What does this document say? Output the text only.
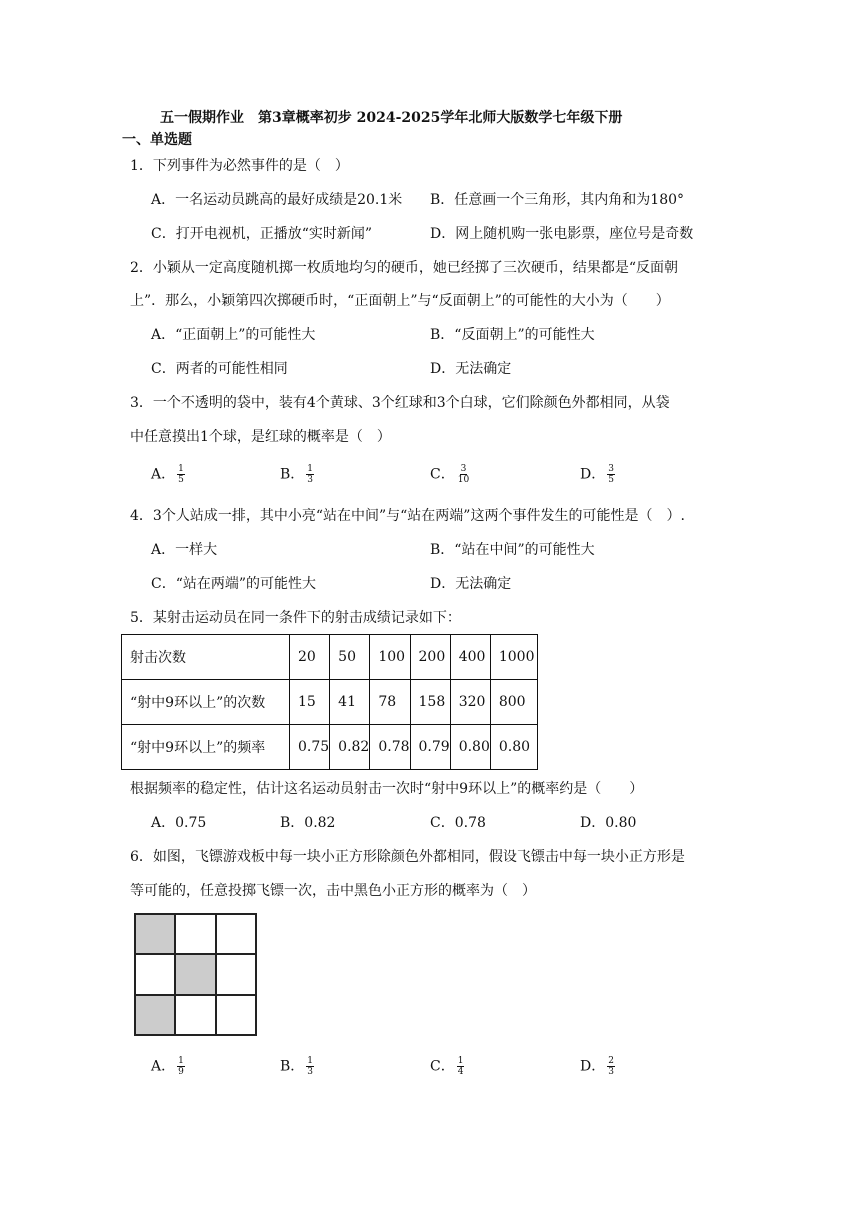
五一假期作业　第3章概率初步 2024-2025学年北师大版数学七年级下册
一、单选题
1．下列事件为必然事件的是（　）
A．一名运动员跳高的最好成绩是20.1米 B．任意画一个三角形，其内角和为180°
C．打开电视机，正播放“实时新闻”	D．网上随机购一张电影票，座位号是奇数
2．小颖从一定高度随机掷一枚质地均匀的硬币，她已经掷了三次硬币，结果都是“反面朝
上”．那么，小颖第四次掷硬币时，“正面朝上”与“反面朝上”的可能性的大小为（　　）
A．“正面朝上”的可能性大	B．“反面朝上”的可能性大
C．两者的可能性相同	D．无法确定
3．一个不透明的袋中，装有4个黄球、3个红球和3个白球，它们除颜色外都相同，从袋
中任意摸出1个球，是红球的概率是（　）
A． $\frac{1}{5}$	B． $\frac{1}{3}$	C． $\frac{3}{10}$	D． $\frac{3}{5}$
4．3个人站成一排，其中小亮“站在中间”与“站在两端”这两个事件发生的可能性是（　）.
A．一样大	B．“站在中间”的可能性大
C．“站在两端”的可能性大	D．无法确定
5．某射击运动员在同一条件下的射击成绩记录如下：
射击次数	20	50	100	200	400	1000
“射中9环以上”的次数	15	41	78	158	320	800
“射中9环以上”的频率	0.75	0.82	0.78	0.79	0.80	0.80
根据频率的稳定性，估计这名运动员射击一次时“射中9环以上”的概率约是（　　）
A．0.75	B．0.82	C．0.78	D．0.80
6．如图，飞镖游戏板中每一块小正方形除颜色外都相同，假设飞镖击中每一块小正方形是
等可能的，任意投掷飞镖一次，击中黑色小正方形的概率为（　）
A． $\frac{1}{9}$	B． $\frac{1}{3}$	C． $\frac{1}{4}$	D． $\frac{2}{3}$
